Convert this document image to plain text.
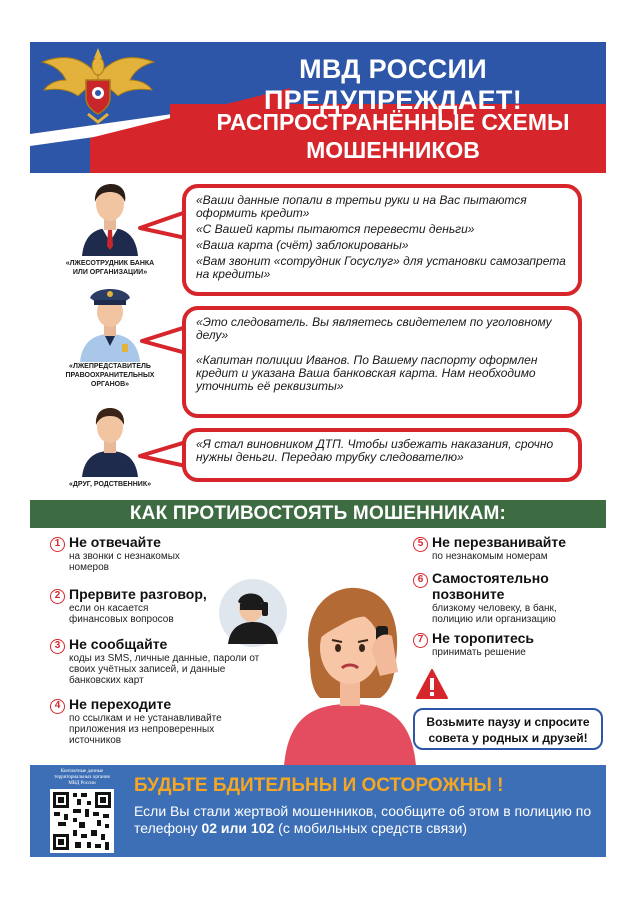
МВД РОССИИ ПРЕДУПРЕЖДАЕТ!
РАСПРОСТРАНЁННЫЕ СХЕМЫ
МОШЕННИКОВ
«ЛЖЕСОТРУДНИК БАНКА
ИЛИ ОРГАНИЗАЦИИ»

«Ваши данные попали в третьи руки и на Вас пытаются оформить кредит»

«С Вашей карты пытаются перевести деньги»

«Ваша карта (счёт) заблокированы»

«Вам звонит «сотрудник Госуслуг» для установки самозапрета на кредиты»

«ЛЖЕПРЕДСТАВИТЕЛЬ
ПРАВООХРАНИТЕЛЬНЫХ
ОРГАНОВ»

«Это следователь. Вы являетесь свидетелем по уголовному делу»

«Капитан полиции Иванов. По Вашему паспорту оформлен кредит и указана Ваша банковская карта. Нам необходимо уточнить её реквизиты»

«ДРУГ, РОДСТВЕННИК»

«Я стал виновником ДТП. Чтобы избежать наказания, срочно нужны деньги. Передаю трубку следователю»

КАК ПРОТИВОСТОЯТЬ МОШЕННИКАМ:
1 Не отвечайте
на звонки с незнакомых номеров
2 Прервите разговор,
если он касается финансовых вопросов
3 Не сообщайте
коды из SMS, личные данные, пароли от своих учётных записей, и данные банковских карт
4 Не переходите
по ссылкам и не устанавливайте приложения из непроверенных источников
5 Не перезванивайте
по незнакомым номерам
6 Самостоятельно позвоните
близкому человеку, в банк, полицию или организацию
7 Не торопитесь
принимать решение
Возьмите паузу и спросите
совета у родных и друзей!
Контактные данные
территориальных органов
МВД России	БУДЬТЕ БДИТЕЛЬНЫ И ОСТОРОЖНЫ !
Если Вы стали жертвой мошенников, сообщите об этом в полицию по телефону 02 или 102 (с мобильных средств связи)
